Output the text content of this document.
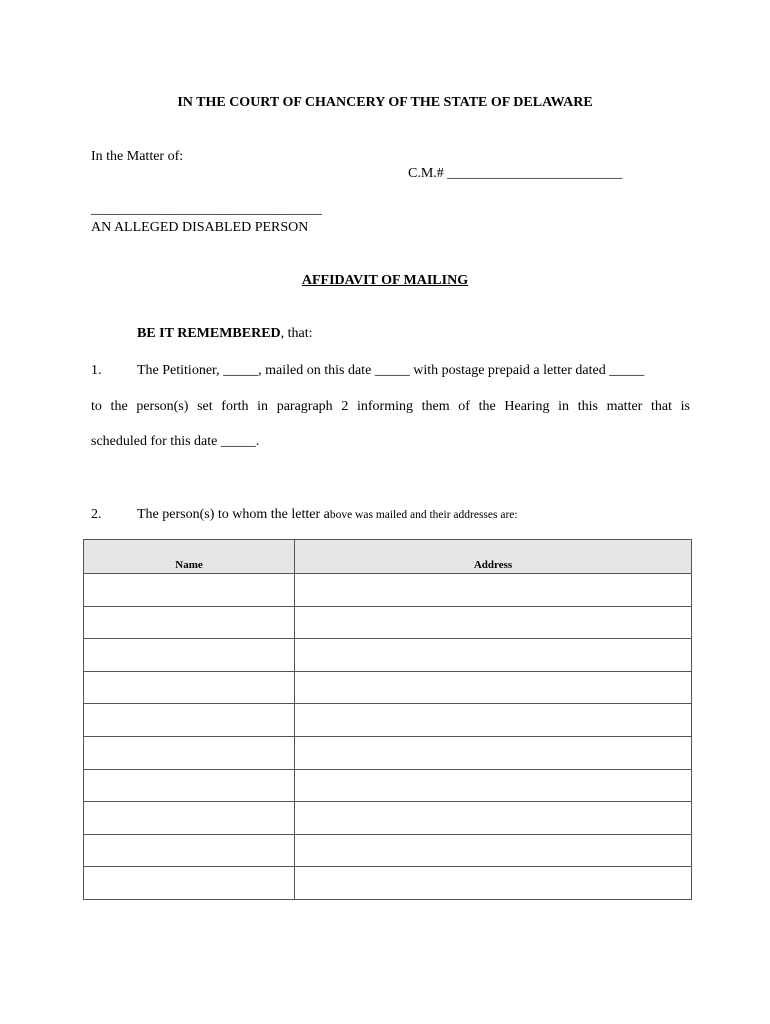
IN THE COURT OF CHANCERY OF THE STATE OF DELAWARE
In the Matter of:
C.M.# _________________________
_________________________________
AN ALLEGED DISABLED PERSON
AFFIDAVIT OF MAILING
BE IT REMEMBERED, that:
1.	The Petitioner, _____, mailed on this date _____ with postage prepaid a letter dated _____
to the person(s) set forth in paragraph 2 informing them of the Hearing in this matter that is
scheduled for this date _____.
2.	The person(s) to whom the letter above was mailed and their addresses are:
Name	Address
